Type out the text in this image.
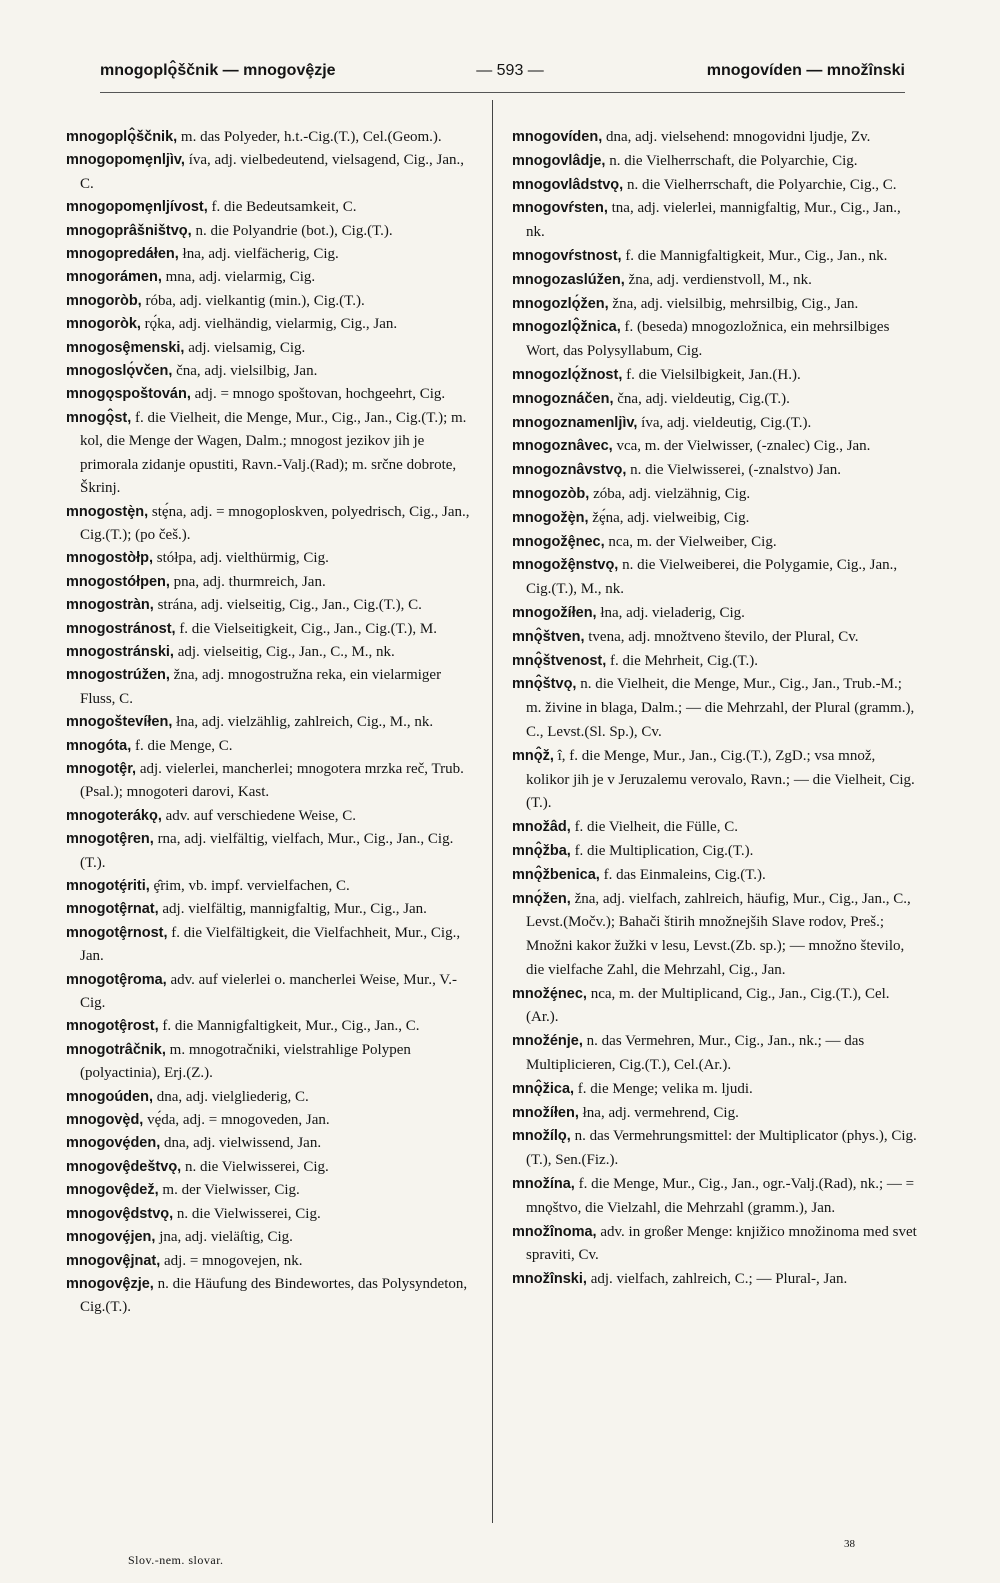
mnogoplǫ̂ščnik — mnogovȩ̂zje	— 593 —	mnogovíden — množînski

mnogoplǫ̂ščnik, m. das Polyeder, h.t.-Cig.(T.), Cel.(Geom.).

mnogopomȩnljìv, íva, adj. vielbedeutend, vielsagend, Cig., Jan., C.

mnogopomȩnljívost, f. die Bedeutsamkeit, C.

mnogoprâšništvǫ, n. die Polyandrie (bot.), Cig.(T.).

mnogopredáłen, łna, adj. vielfächerig, Cig.

mnogorámen, mna, adj. vielarmig, Cig.

mnogoròb, róba, adj. vielkantig (min.), Cig.(T.).

mnogoròk, rǫ́ka, adj. vielhändig, vielarmig, Cig., Jan.

mnogosȩ̂menski, adj. vielsamig, Cig.

mnogoslǫ́včen, čna, adj. vielsilbig, Jan.

mnogǫspoštován, adj. = mnogo spoštovan, hochgeehrt, Cig.

mnogǫ̂st, f. die Vielheit, die Menge, Mur., Cig., Jan., Cig.(T.); m. kol, die Menge der Wagen, Dalm.; mnogost jezikov jih je primorala zidanje opustiti, Ravn.-Valj.(Rad); m. srčne dobrote, Škrinj.

mnogostȩ̀n, stȩ́na, adj. = mnogoploskven, polyedrisch, Cig., Jan., Cig.(T.); (po češ.).

mnogostòłp, stółpa, adj. vielthürmig, Cig.

mnogostółpen, pna, adj. thurmreich, Jan.

mnogostràn, strána, adj. vielseitig, Cig., Jan., Cig.(T.), C.

mnogostránost, f. die Vielseitigkeit, Cig., Jan., Cig.(T.), M.

mnogostránski, adj. vielseitig, Cig., Jan., C., M., nk.

mnogostrúžen, žna, adj. mnogostružna reka, ein vielarmiger Fluss, C.

mnogoštevíłen, łna, adj. vielzählig, zahlreich, Cig., M., nk.

mnogóta, f. die Menge, C.

mnogotȩ̂r, adj. vielerlei, mancherlei; mnogotera mrzka reč, Trub.(Psal.); mnogoteri darovi, Kast.

mnogoterákǫ, adv. auf verschiedene Weise, C.

mnogotȩ̂ren, rna, adj. vielfältig, vielfach, Mur., Cig., Jan., Cig.(T.).

mnogotȩ́riti, ȩ̂rim, vb. impf. vervielfachen, C.

mnogotȩ̂rnat, adj. vielfältig, mannigfaltig, Mur., Cig., Jan.

mnogotȩ̂rnost, f. die Vielfältigkeit, die Vielfachheit, Mur., Cig., Jan.

mnogotȩ̂roma, adv. auf vielerlei o. mancherlei Weise, Mur., V.-Cig.

mnogotȩ̂rost, f. die Mannigfaltigkeit, Mur., Cig., Jan., C.

mnogotrâčnik, m. mnogotračniki, vielstrahlige Polypen (polyactinia), Erj.(Z.).

mnogoúden, dna, adj. vielgliederig, C.

mnogovȩ̀d, vȩ́da, adj. = mnogoveden, Jan.

mnogovȩ́den, dna, adj. vielwissend, Jan.

mnogovȩ̂deštvǫ, n. die Vielwisserei, Cig.

mnogovȩ̂dež, m. der Vielwisser, Cig.

mnogovȩ̂dstvǫ, n. die Vielwisserei, Cig.

mnogovȩ́jen, jna, adj. vieläſtig, Cig.

mnogovȩ̂jnat, adj. = mnogovejen, nk.

mnogovȩ̂zje, n. die Häufung des Bindewortes, das Polysyndeton, Cig.(T.).

mnogovíden, dna, adj. vielsehend: mnogovidni ljudje, Zv.

mnogovlâdje, n. die Vielherrschaft, die Polyarchie, Cig.

mnogovlâdstvǫ, n. die Vielherrschaft, die Polyarchie, Cig., C.

mnogovŕsten, tna, adj. vielerlei, mannigfaltig, Mur., Cig., Jan., nk.

mnogovŕstnost, f. die Mannigfaltigkeit, Mur., Cig., Jan., nk.

mnogozaslúžen, žna, adj. verdienstvoll, M., nk.

mnogozlǫ́žen, žna, adj. vielsilbig, mehrsilbig, Cig., Jan.

mnogozlǫ̂žnica, f. (beseda) mnogozložnica, ein mehrsilbiges Wort, das Polysyllabum, Cig.

mnogozlǫ́žnost, f. die Vielsilbigkeit, Jan.(H.).

mnogoznáčen, čna, adj. vieldeutig, Cig.(T.).

mnogoznamenljìv, íva, adj. vieldeutig, Cig.(T.).

mnogoznâvec, vca, m. der Vielwisser, (-znalec) Cig., Jan.

mnogoznâvstvǫ, n. die Vielwisserei, (-znalstvo) Jan.

mnogozòb, zóba, adj. vielzähnig, Cig.

mnogožȩ̀n, žȩ́na, adj. vielweibig, Cig.

mnogožȩ̂nec, nca, m. der Vielweiber, Cig.

mnogožȩ̂nstvǫ, n. die Vielweiberei, die Polygamie, Cig., Jan., Cig.(T.), M., nk.

mnogožíłen, łna, adj. vieladerig, Cig.

mnǫ̂štven, tvena, adj. množtveno število, der Plural, Cv.

mnǫ̂štvenost, f. die Mehrheit, Cig.(T.).

mnǫ̂štvǫ, n. die Vielheit, die Menge, Mur., Cig., Jan., Trub.-M.; m. živine in blaga, Dalm.; — die Mehrzahl, der Plural (gramm.), C., Levst.(Sl. Sp.), Cv.

mnǫ̂ž, î, f. die Menge, Mur., Jan., Cig.(T.), ZgD.; vsa množ, kolikor jih je v Jeruzalemu verovalo, Ravn.; — die Vielheit, Cig.(T.).

množâd, f. die Vielheit, die Fülle, C.

mnǫ̂žba, f. die Multiplication, Cig.(T.).

mnǫ̂žbenica, f. das Einmaleins, Cig.(T.).

mnǫ́žen, žna, adj. vielfach, zahlreich, häufig, Mur., Cig., Jan., C., Levst.(Močv.); Bahači štirih množnejših Slave rodov, Preš.; Množni kakor žužki v lesu, Levst.(Zb. sp.); — množno število, die vielfache Zahl, die Mehrzahl, Cig., Jan.

množȩ́nec, nca, m. der Multiplicand, Cig., Jan., Cig.(T.), Cel.(Ar.).

množénje, n. das Vermehren, Mur., Cig., Jan., nk.; — das Multiplicieren, Cig.(T.), Cel.(Ar.).

mnǫ̂žica, f. die Menge; velika m. ljudi.

množíłen, łna, adj. vermehrend, Cig.

množílǫ, n. das Vermehrungsmittel: der Multiplicator (phys.), Cig.(T.), Sen.(Fiz.).

množína, f. die Menge, Mur., Cig., Jan., ogr.-Valj.(Rad), nk.; — = mnǫštvo, die Vielzahl, die Mehrzahl (gramm.), Jan.

množînoma, adv. in großer Menge: knjižico množinoma med svet spraviti, Cv.

množînski, adj. vielfach, zahlreich, C.; — Plural-, Jan.

Slov.-nem. slovar.
38
